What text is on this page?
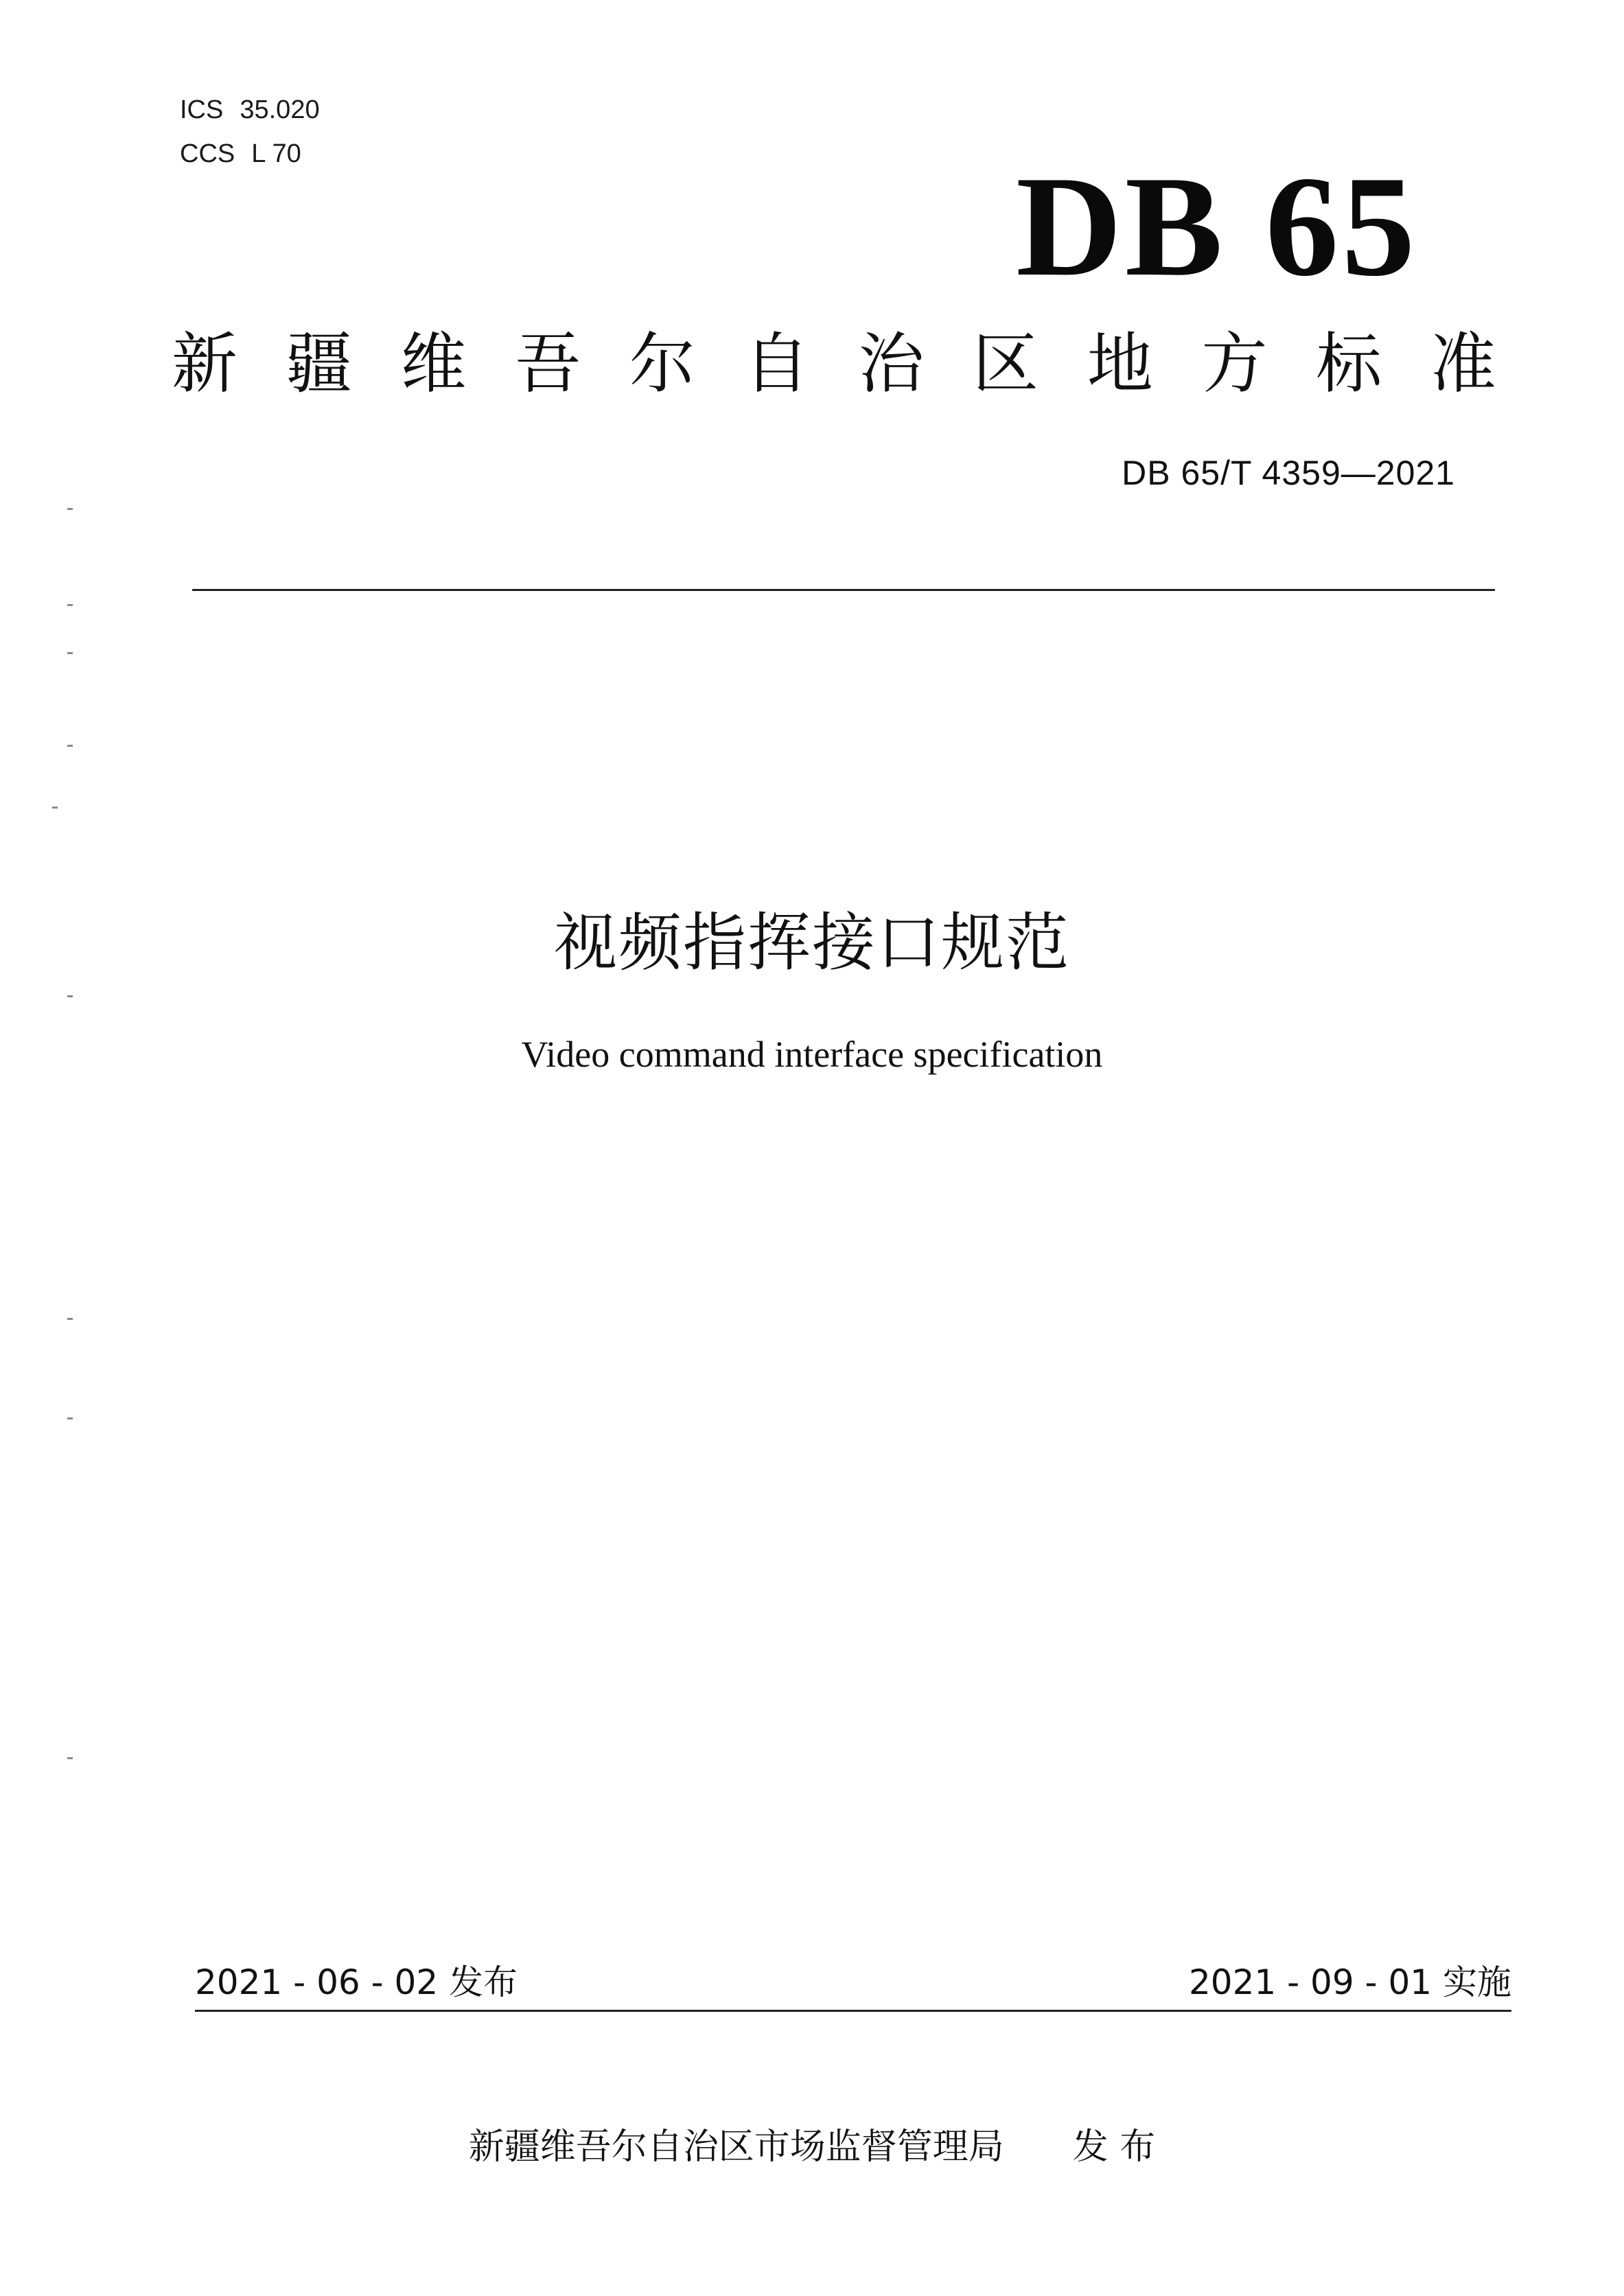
ICS 35.020
CCS L 70	DB 65
新 疆 维 吾 尔 自 治 区 地 方 标 准
DB 65/T 4359—2021
视频指挥接口规范
Video command interface specification
2021 - 06 - 02 发布	2021 - 09 - 01 实施
新疆维吾尔自治区市场监督管理局 发 布
